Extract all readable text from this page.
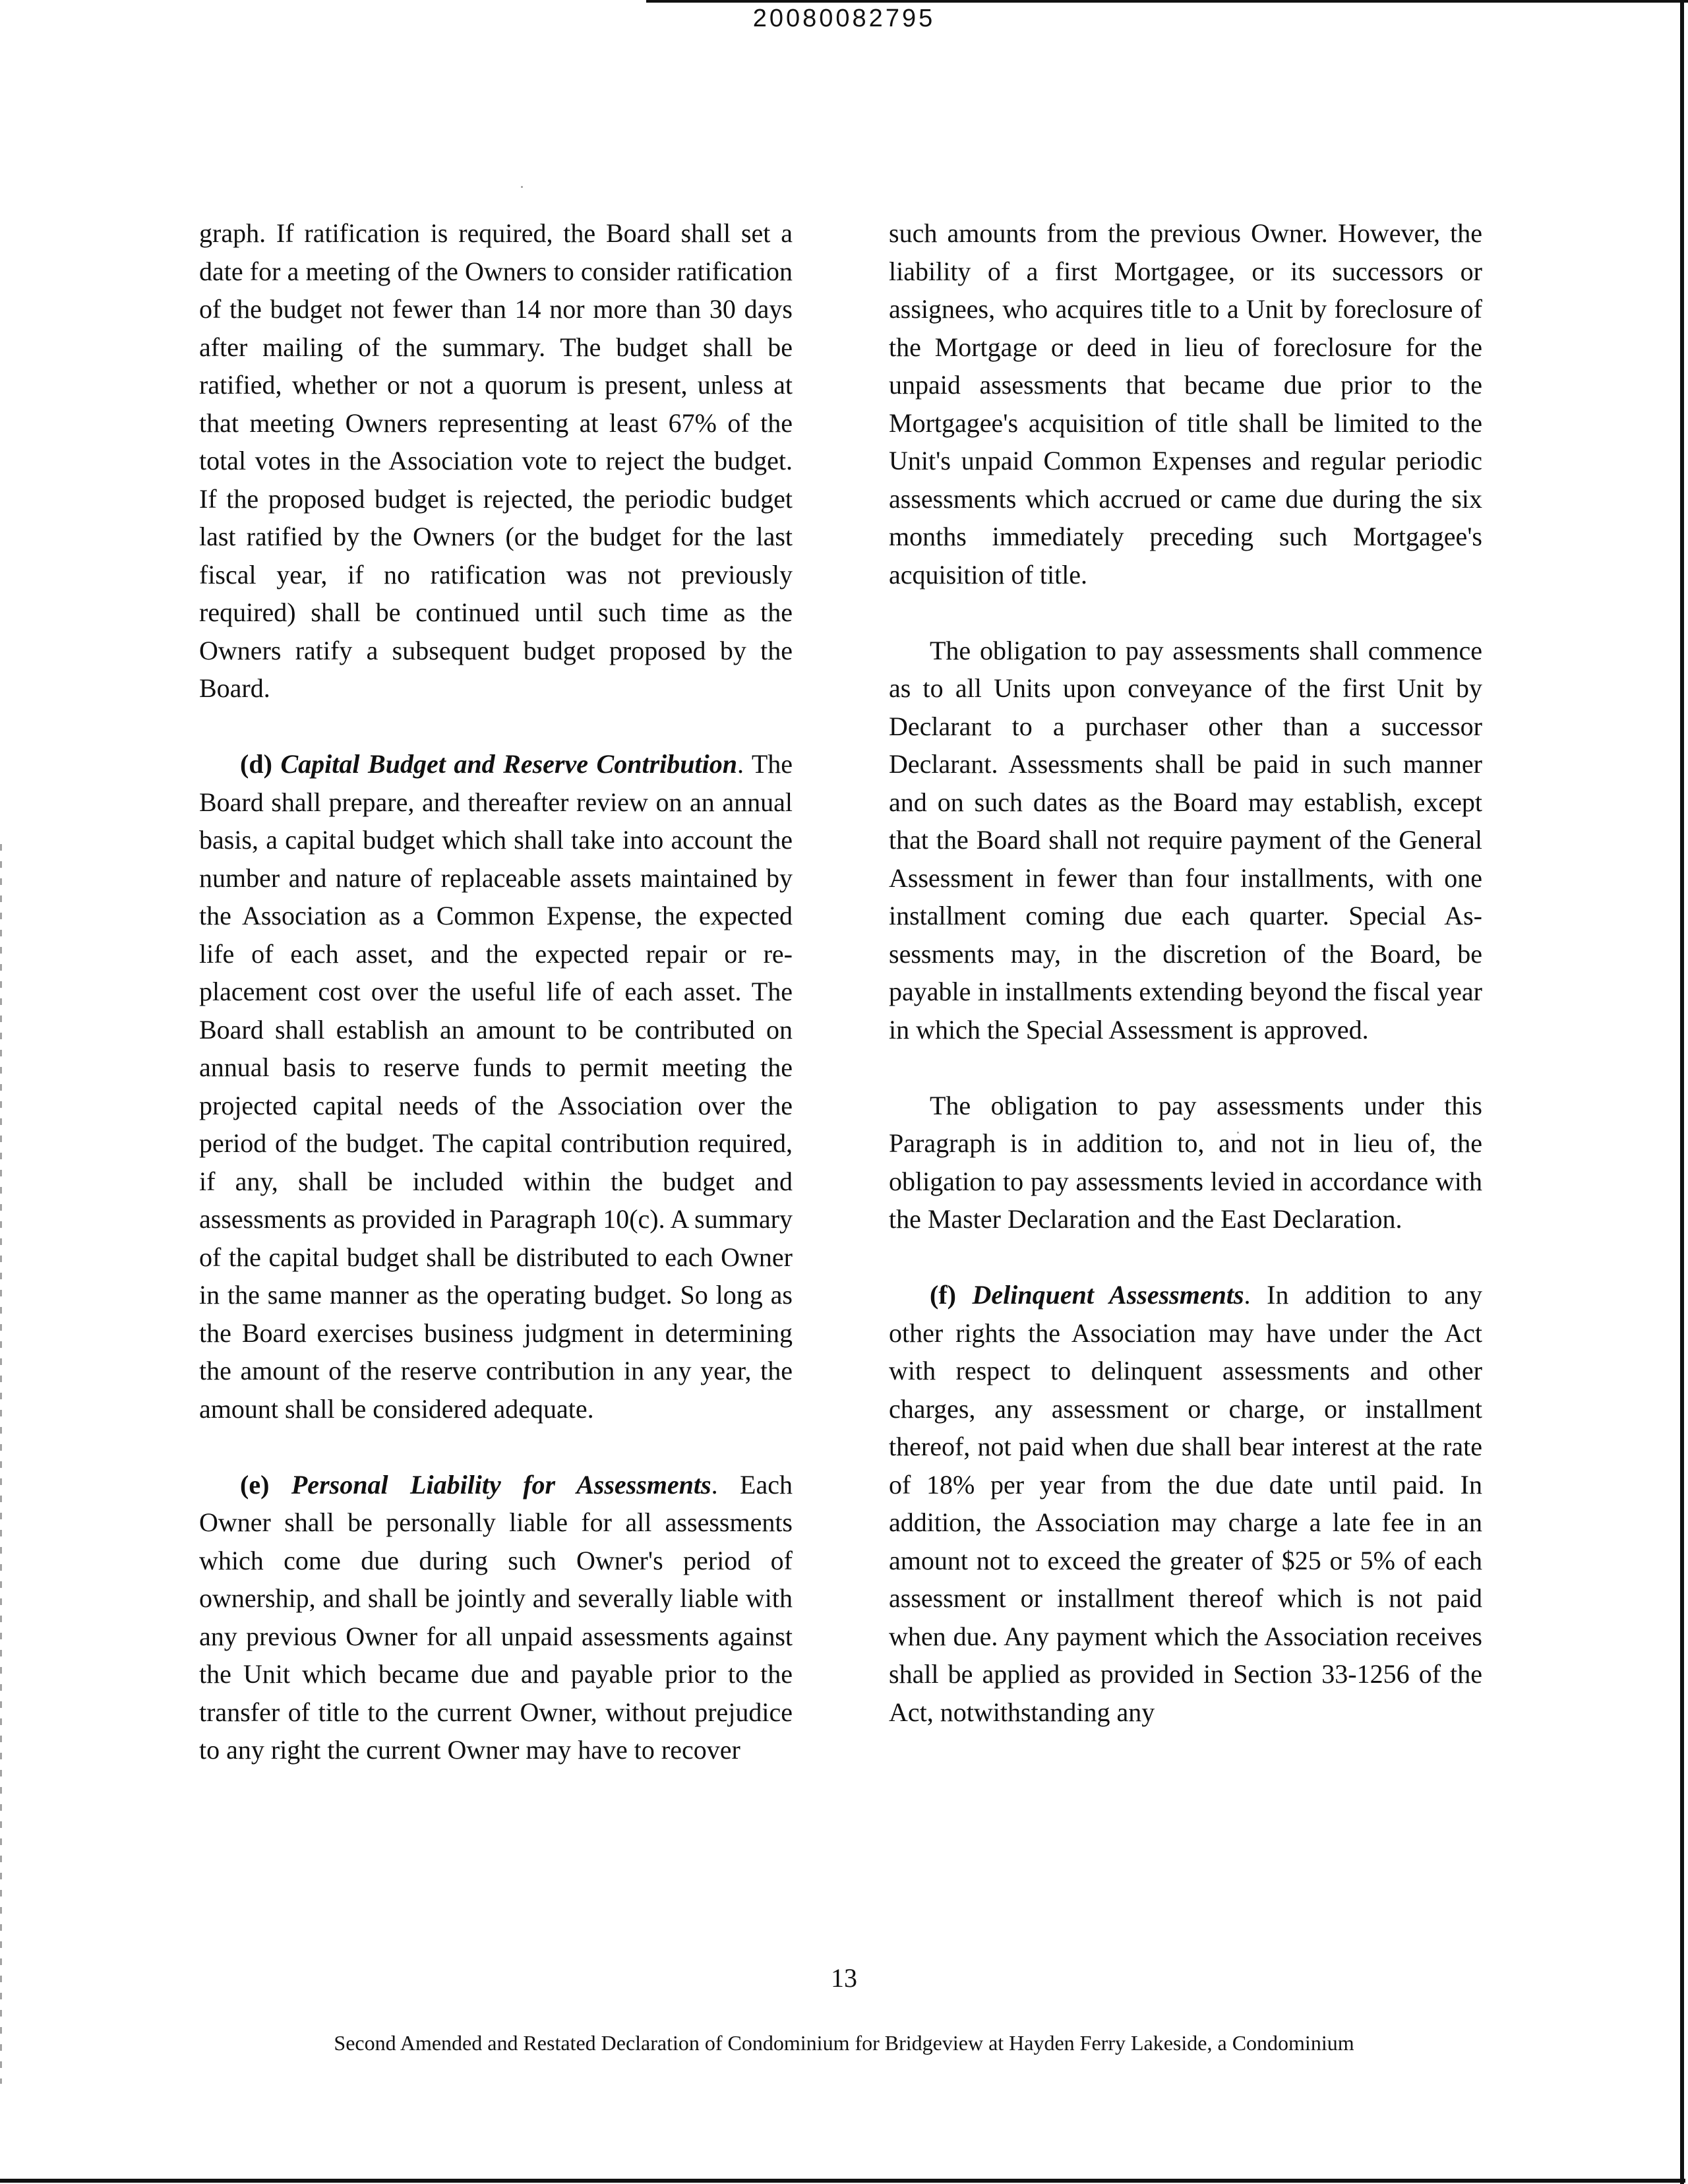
20080082795

graph. If ratification is required, the Board shall set a date for a meeting of the Owners to consider ratification of the budget not fewer than 14 nor more than 30 days after mailing of the summary. The budget shall be ratified, whether or not a quorum is present, unless at that meeting Owners representing at least 67% of the total votes in the Association vote to reject the budget. If the proposed budget is rejected, the periodic budget last ratified by the Owners (or the budget for the last fiscal year, if no ratification was not previously required) shall be continued until such time as the Owners ratify a subsequent budget proposed by the Board.

(d) Capital Budget and Reserve Contribution. The Board shall prepare, and thereafter review on an annual basis, a capital budget which shall take into account the number and nature of replaceable assets maintained by the Association as a Common Expense, the expected life of each asset, and the expected repair or replacement cost over the useful life of each asset. The Board shall establish an amount to be contributed on annual basis to reserve funds to permit meeting the projected capital needs of the Association over the period of the budget. The capital contribution required, if any, shall be included within the budget and assessments as provided in Paragraph 10(c). A summary of the capital budget shall be distributed to each Owner in the same manner as the operating budget. So long as the Board exercises business judgment in determining the amount of the reserve contribution in any year, the amount shall be considered adequate.

(e) Personal Liability for Assessments. Each Owner shall be personally liable for all assessments which come due during such Owner's period of ownership, and shall be jointly and severally liable with any previous Owner for all unpaid assessments against the Unit which became due and payable prior to the transfer of title to the current Owner, without prejudice to any right the current Owner may have to recover

such amounts from the previous Owner. However, the liability of a first Mortgagee, or its successors or assignees, who acquires title to a Unit by foreclosure of the Mortgage or deed in lieu of foreclosure for the unpaid assessments that became due prior to the Mortgagee's acquisition of title shall be limited to the Unit's unpaid Common Expenses and regular periodic assessments which accrued or came due during the six months immediately preceding such Mortgagee's acquisition of title.

The obligation to pay assessments shall commence as to all Units upon conveyance of the first Unit by Declarant to a purchaser other than a successor Declarant. Assessments shall be paid in such manner and on such dates as the Board may establish, except that the Board shall not require payment of the General Assessment in fewer than four installments, with one installment coming due each quarter. Special Assessments may, in the discretion of the Board, be payable in installments extending beyond the fiscal year in which the Special Assessment is approved.

The obligation to pay assessments under this Paragraph is in addition to, and not in lieu of, the obligation to pay assessments levied in accordance with the Master Declaration and the East Declaration.

(f) Delinquent Assessments. In addition to any other rights the Association may have under the Act with respect to delinquent assessments and other charges, any assessment or charge, or installment thereof, not paid when due shall bear interest at the rate of 18% per year from the due date until paid. In addition, the Association may charge a late fee in an amount not to exceed the greater of $25 or 5% of each assessment or installment thereof which is not paid when due. Any payment which the Association receives shall be applied as provided in Section 33-1256 of the Act, notwithstanding any

13
Second Amended and Restated Declaration of Condominium for Bridgeview at Hayden Ferry Lakeside, a Condominium
